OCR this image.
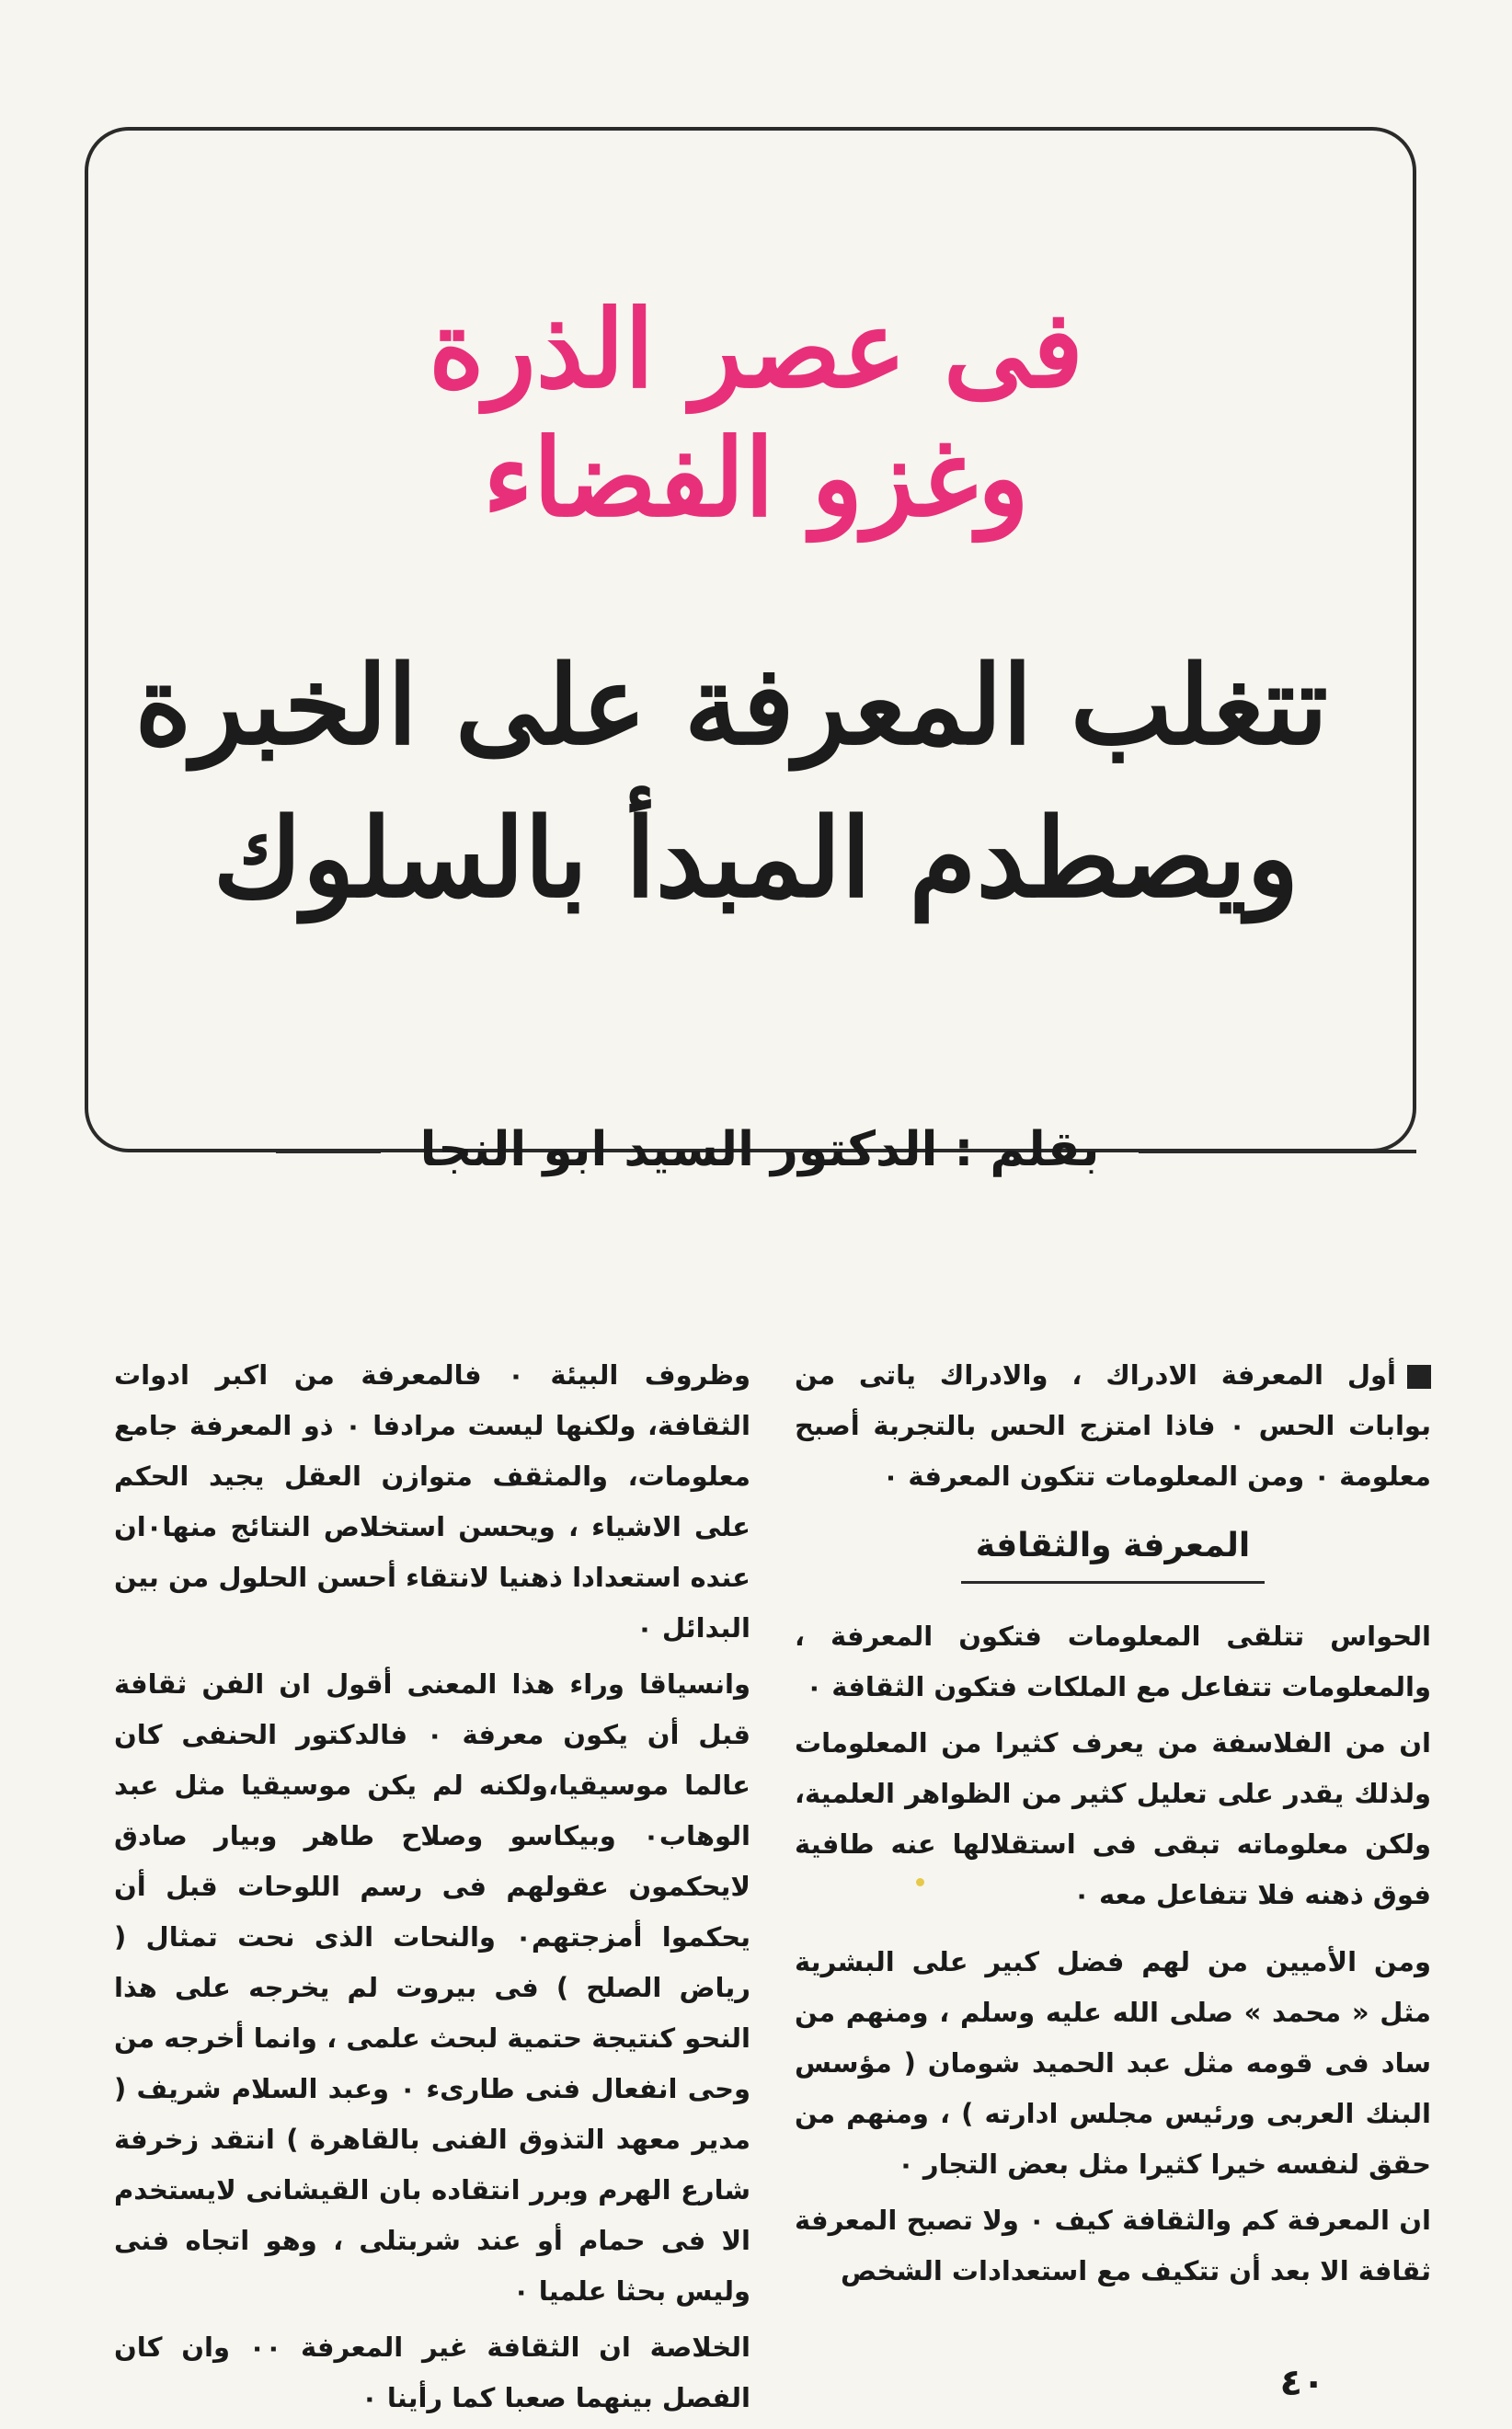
فى عصر الذرة
وغزو الفضاء
تتغلب المعرفة على الخبرة
ويصطدم المبدأ بالسلوك
بقلم : الدكتور السيد ابو النجا

أول المعرفة الادراك ، والادراك ياتى من بوابات الحس ٠ فاذا امتزج الحس بالتجربة أصبح معلومة ٠ ومن المعلومات تتكون المعرفة ٠

المعرفة والثقافة

الحواس تتلقى المعلومات فتكون المعرفة ، والمعلومات تتفاعل مع الملكات فتكون الثقافة ٠

ان من الفلاسفة من يعرف كثيرا من المعلومات ولذلك يقدر على تعليل كثير من الظواهر العلمية، ولكن معلوماته تبقى فى استقلالها عنه طافية فوق ذهنه فلا تتفاعل معه ٠

ومن الأميين من لهم فضل كبير على البشرية مثل « محمد » صلى الله عليه وسلم ، ومنهم من ساد فى قومه مثل عبد الحميد شومان ( مؤسس البنك العربى ورئيس مجلس ادارته ) ، ومنهم من حقق لنفسه خيرا كثيرا مثل بعض التجار ٠

ان المعرفة كم والثقافة كيف ٠ ولا تصبح المعرفة ثقافة الا بعد أن تتكيف مع استعدادات الشخص

وظروف البيئة ٠ فالمعرفة من اكبر ادوات الثقافة، ولكنها ليست مرادفا ٠ ذو المعرفة جامع معلومات، والمثقف متوازن العقل يجيد الحكم على الاشياء ، ويحسن استخلاص النتائج منها٠ان عنده استعدادا ذهنيا لانتقاء أحسن الحلول من بين البدائل ٠

وانسياقا وراء هذا المعنى أقول ان الفن ثقافة قبل أن يكون معرفة ٠ فالدكتور الحنفى كان عالما موسيقيا،ولكنه لم يكن موسيقيا مثل عبد الوهاب٠ وبيكاسو وصلاح طاهر وبيار صادق لايحكمون عقولهم فى رسم اللوحات قبل أن يحكموا أمزجتهم٠ والنحات الذى نحت تمثال ( رياض الصلح ) فى بيروت لم يخرجه على هذا النحو كنتيجة حتمية لبحث علمى ، وانما أخرجه من وحى انفعال فنى طارىء ٠ وعبد السلام شريف ( مدير معهد التذوق الفنى بالقاهرة ) انتقد زخرفة شارع الهرم وبرر انتقاده بان القيشانى لايستخدم الا فى حمام أو عند شربتلى ، وهو اتجاه فنى وليس بحثا علميا ٠

الخلاصة ان الثقافة غير المعرفة ٠٠ وان كان الفصل بينهما صعبا كما رأينا ٠	٤٠
